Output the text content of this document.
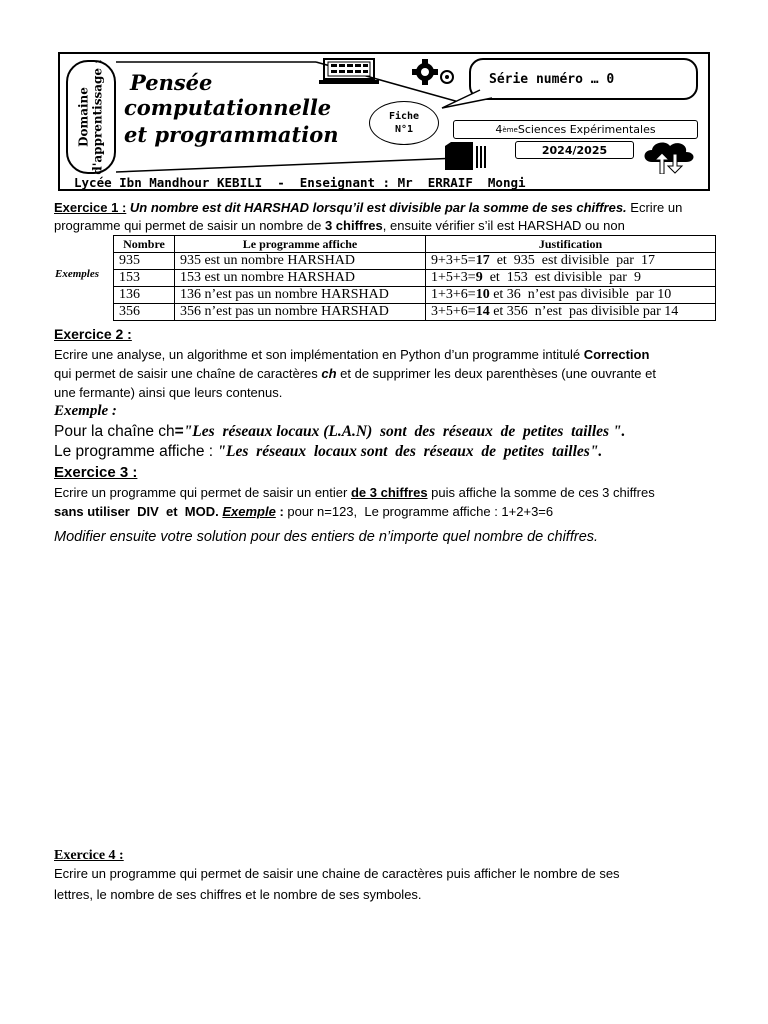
Domaine d'apprentissage : Pensée
computationnelle
et programmation
Fiche
N°1
Série numéro … 0
4 ème Sciences Expérimentales
2024/2025
Lycée Ibn Mandhour KEBILI  -  Enseignant : Mr  ERRAIF  Mongi
Exercice 1 : Un nombre est dit HARSHAD lorsqu’il est divisible par la somme de ses chiffres. Ecrire un
programme qui permet de saisir un nombre de 3 chiffres, ensuite vérifier s’il est HARSHAD ou non
Exemples
Nombre	Le programme affiche	Justification
935	935 est un nombre HARSHAD	9+3+5=17  et  935  est divisible  par  17
153	153 est un nombre HARSHAD	1+5+3=9  et  153  est divisible  par  9
136	136 n’est pas un nombre HARSHAD	1+3+6=10 et 36  n’est pas divisible  par 10
356	356 n’est pas un nombre HARSHAD	3+5+6=14 et 356  n’est  pas divisible par 14
Exercice 2 :
Ecrire une analyse, un algorithme et son implémentation en Python d’un programme intitulé Correction
qui permet de saisir une chaîne de caractères ch et de supprimer les deux parenthèses (une ouvrante et
une fermante) ainsi que leurs contenus.
Exemple :
Pour la chaîne ch="Les  réseaux locaux (L.A.N)  sont  des  réseaux  de  petites  tailles ".
Le programme affiche : "Les  réseaux  locaux sont  des  réseaux  de  petites  tailles".
Exercice 3 :
Ecrire un programme qui permet de saisir un entier de 3 chiffres puis affiche la somme de ces 3 chiffres
sans utiliser  DIV  et  MOD. Exemple : pour n=123,  Le programme affiche : 1+2+3=6
Modifier ensuite votre solution pour des entiers de n’importe quel nombre de chiffres.
Exercice 4 :
Ecrire un programme qui permet de saisir une chaine de caractères puis afficher le nombre de ses
lettres, le nombre de ses chiffres et le nombre de ses symboles.
